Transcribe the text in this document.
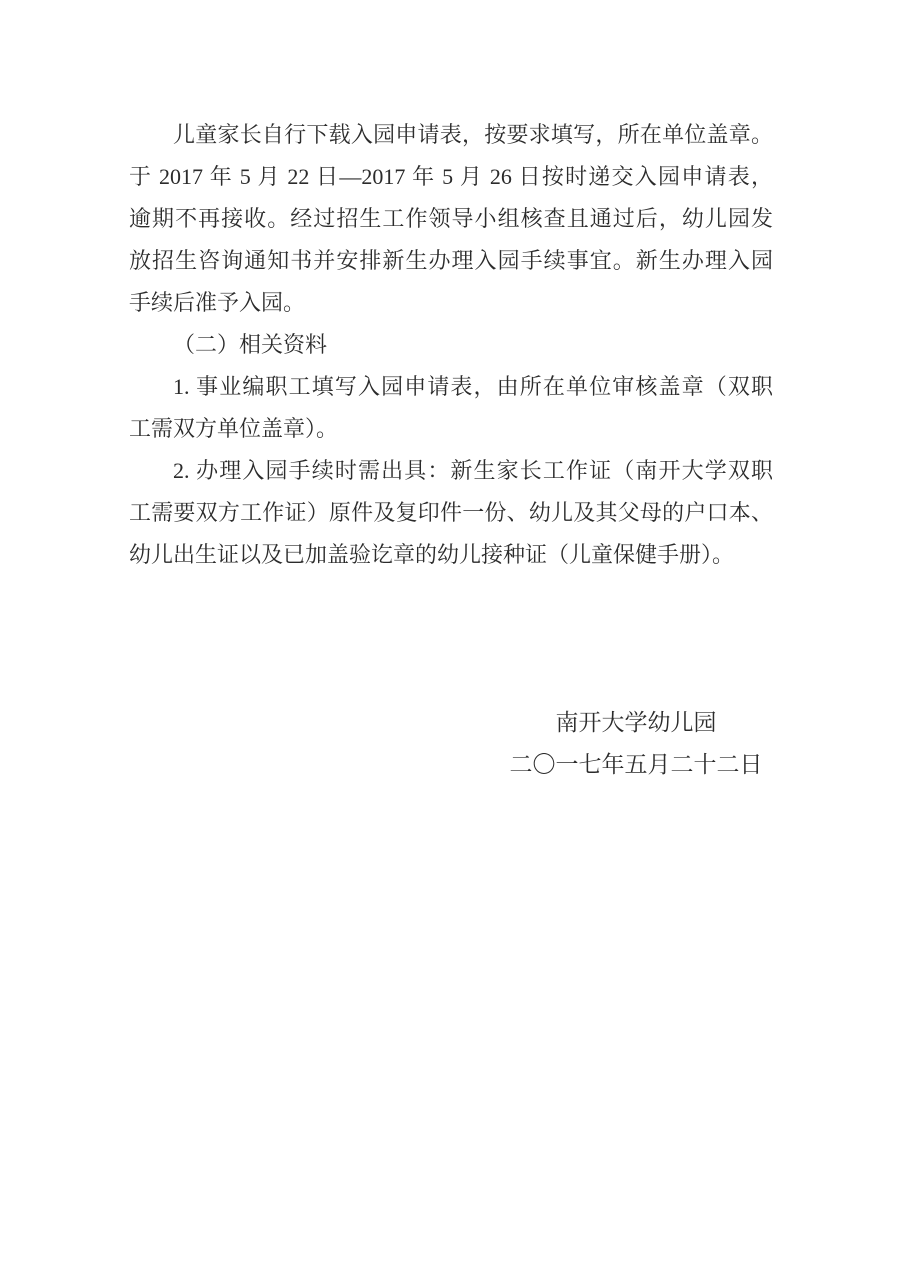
儿童家长自行下载入园申请表，按要求填写，所在单位盖章。
于 2017 年 5 月 22 日—2017 年 5 月 26 日按时递交入园申请表，
逾期不再接收。经过招生工作领导小组核查且通过后，幼儿园发
放招生咨询通知书并安排新生办理入园手续事宜。新生办理入园
手续后准予入园。
（二）相关资料
1. 事业编职工填写入园申请表，由所在单位审核盖章（双职
工需双方单位盖章）。
2. 办理入园手续时需出具：新生家长工作证（南开大学双职
工需要双方工作证）原件及复印件一份、幼儿及其父母的户口本、
幼儿出生证以及已加盖验讫章的幼儿接种证（儿童保健手册）。
南开大学幼儿园
二〇一七年五月二十二日
